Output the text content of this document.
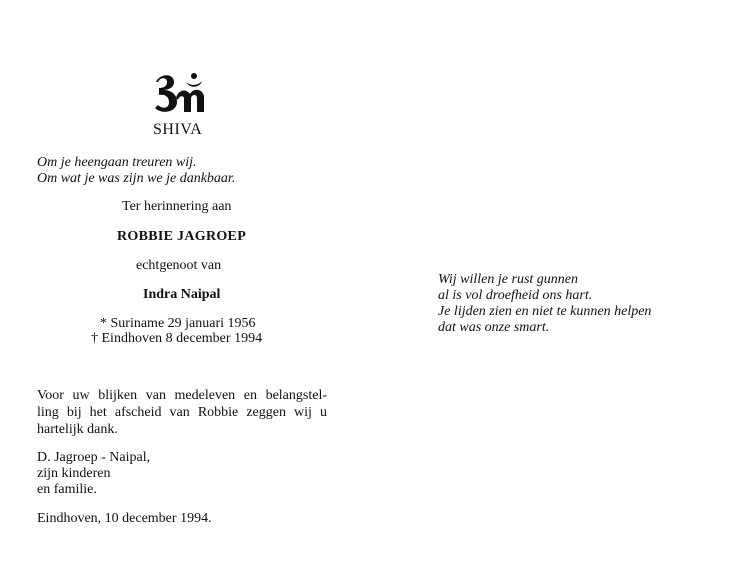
SHIVA
Om je heengaan treuren wij.
Om wat je was zijn we je dankbaar.
Ter herinnering aan
ROBBIE JAGROEP
echtgenoot van
Indra Naipal
* Suriname 29 januari 1956
† Eindhoven 8 december 1994
Voor uw blijken van medeleven en belangstel-
ling bij het afscheid van Robbie zeggen wij u
hartelijk dank.
D. Jagroep - Naipal,
zijn kinderen
en familie.
Eindhoven, 10 december 1994.
Wij willen je rust gunnen
al is vol droefheid ons hart.
Je lijden zien en niet te kunnen helpen
dat was onze smart.
